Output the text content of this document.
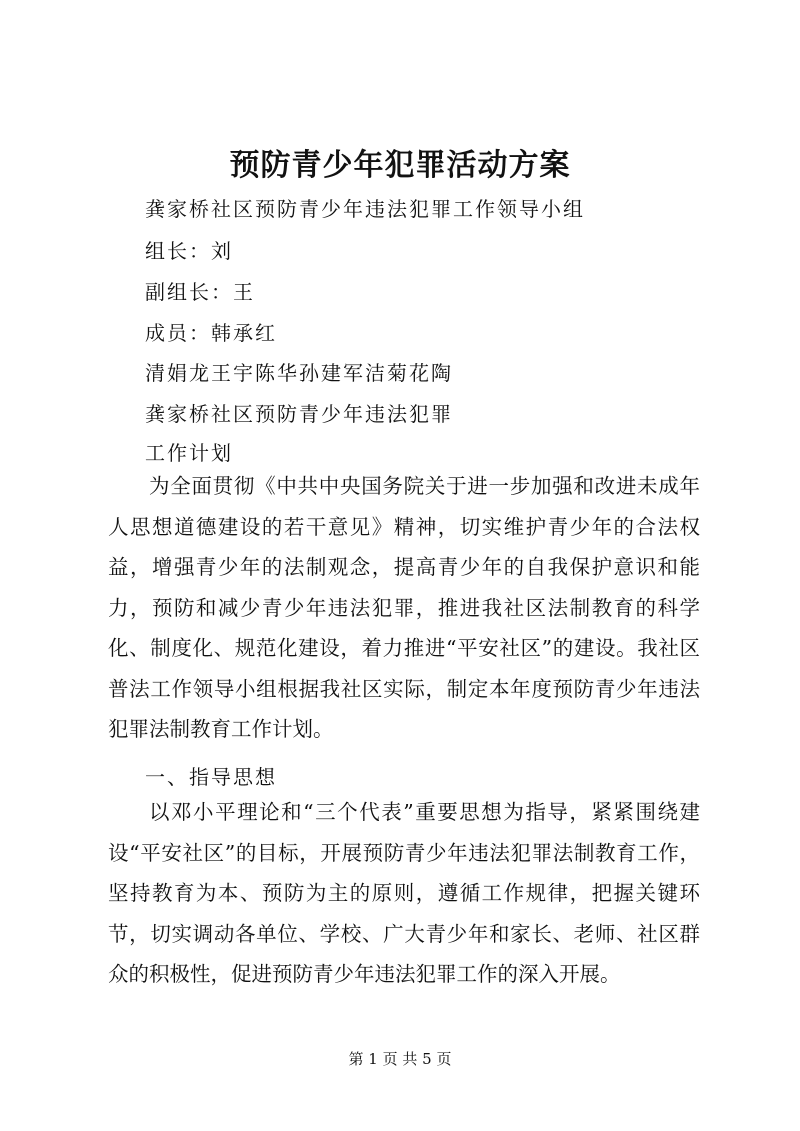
预防青少年犯罪活动方案
龚家桥社区预防青少年违法犯罪工作领导小组
组长：刘
副组长：王
成员：韩承红
清娟龙王宇陈华孙建军洁菊花陶
龚家桥社区预防青少年违法犯罪
工作计划

为全面贯彻《中共中央国务院关于进一步加强和改进未成年人思想道德建设的若干意见》精神，切实维护青少年的合法权益，增强青少年的法制观念，提高青少年的自我保护意识和能力，预防和减少青少年违法犯罪，推进我社区法制教育的科学化、制度化、规范化建设，着力推进“平安社区”的建设。我社区普法工作领导小组根据我社区实际，制定本年度预防青少年违法犯罪法制教育工作计划。

一、指导思想

以邓小平理论和“三个代表”重要思想为指导，紧紧围绕建设“平安社区”的目标，开展预防青少年违法犯罪法制教育工作，坚持教育为本、预防为主的原则，遵循工作规律，把握关键环节，切实调动各单位、学校、广大青少年和家长、老师、社区群众的积极性，促进预防青少年违法犯罪工作的深入开展。

第 1 页 共 5 页
